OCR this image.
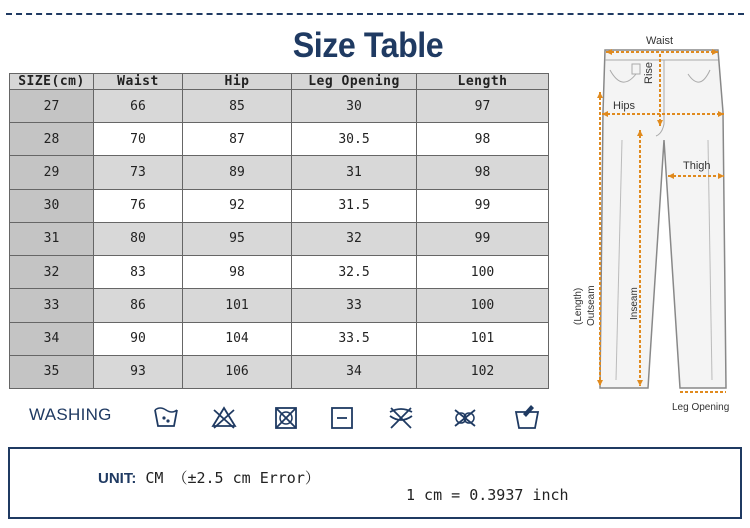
Size Table
SIZE(cm)	Waist	Hip	Leg Opening	Length
27	66	85	30	97
28	70	87	30.5	98
29	73	89	31	98
30	76	92	31.5	99
31	80	95	32	99
32	83	98	32.5	100
33	86	101	33	100
34	90	104	33.5	101
35	93	106	34	102
Waist
Rise
Hips
Thigh
(Length) Outseam	Inseam
Leg Opening
WASHING
UNIT: CM （±2.5 cm Error）
1 cm = 0.3937 inch
